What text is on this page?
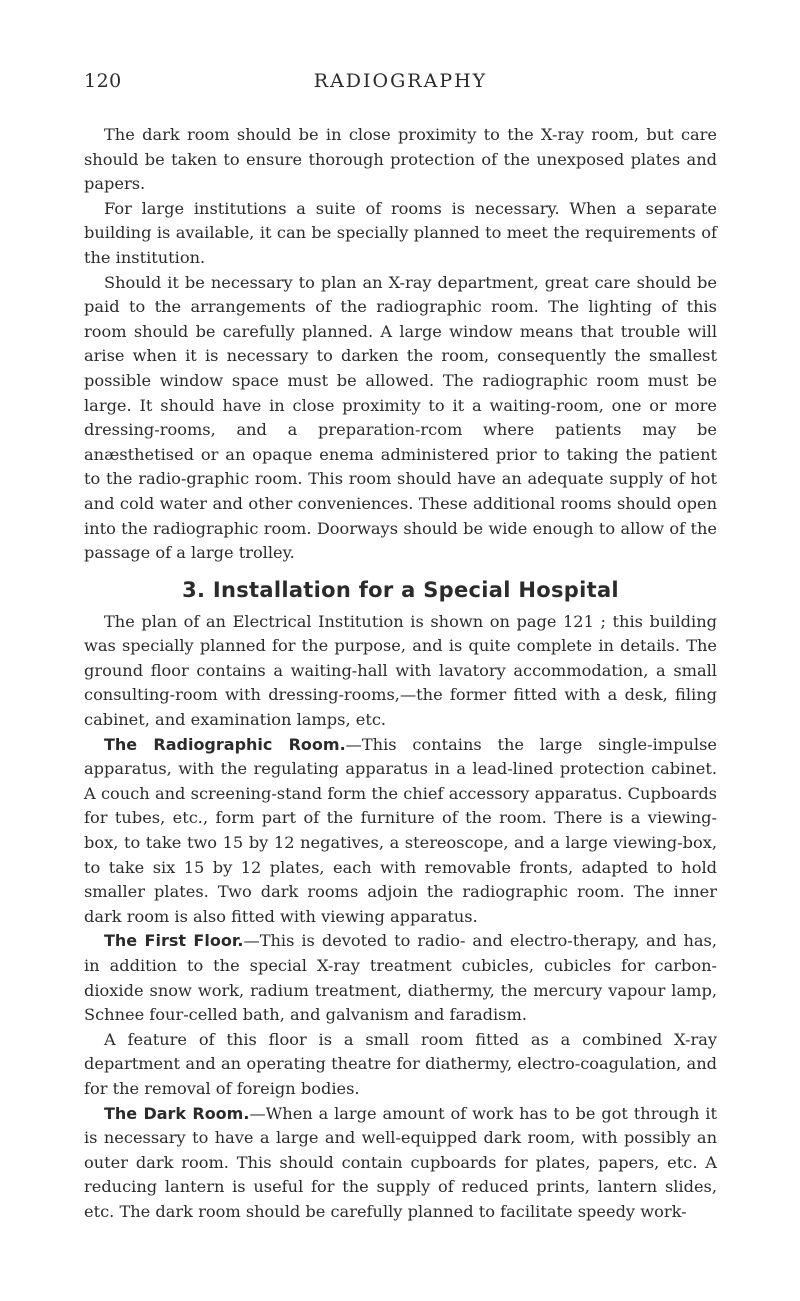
120	RADIOGRAPHY

The dark room should be in close proximity to the X-ray room, but care should be taken to ensure thorough protection of the unexposed plates and papers.

For large institutions a suite of rooms is necessary. When a separate building is available, it can be specially planned to meet the requirements of the institution.

Should it be necessary to plan an X-ray department, great care should be paid to the arrangements of the radiographic room. The lighting of this room should be carefully planned. A large window means that trouble will arise when it is necessary to darken the room, consequently the smallest possible window space must be allowed. The radiographic room must be large. It should have in close proximity to it a waiting-room, one or more dressing-rooms, and a preparation-rcom where patients may be anæsthetised or an opaque enema administered prior to taking the patient to the radio-graphic room. This room should have an adequate supply of hot and cold water and other conveniences. These additional rooms should open into the radiographic room. Doorways should be wide enough to allow of the passage of a large trolley.

3. Installation for a Special Hospital

The plan of an Electrical Institution is shown on page 121 ; this building was specially planned for the purpose, and is quite complete in details. The ground floor contains a waiting-hall with lavatory accommodation, a small consulting-room with dressing-rooms,—the former fitted with a desk, filing cabinet, and examination lamps, etc.

The Radiographic Room.—This contains the large single-impulse apparatus, with the regulating apparatus in a lead-lined protection cabinet. A couch and screening-stand form the chief accessory apparatus. Cupboards for tubes, etc., form part of the furniture of the room. There is a viewing-box, to take two 15 by 12 negatives, a stereoscope, and a large viewing-box, to take six 15 by 12 plates, each with removable fronts, adapted to hold smaller plates. Two dark rooms adjoin the radiographic room. The inner dark room is also fitted with viewing apparatus.

The First Floor.—This is devoted to radio- and electro-therapy, and has, in addition to the special X-ray treatment cubicles, cubicles for carbon-dioxide snow work, radium treatment, diathermy, the mercury vapour lamp, Schnee four-celled bath, and galvanism and faradism.

A feature of this floor is a small room fitted as a combined X-ray department and an operating theatre for diathermy, electro-coagulation, and for the removal of foreign bodies.

The Dark Room.—When a large amount of work has to be got through it is necessary to have a large and well-equipped dark room, with possibly an outer dark room. This should contain cupboards for plates, papers, etc. A reducing lantern is useful for the supply of reduced prints, lantern slides, etc. The dark room should be carefully planned to facilitate speedy work-
